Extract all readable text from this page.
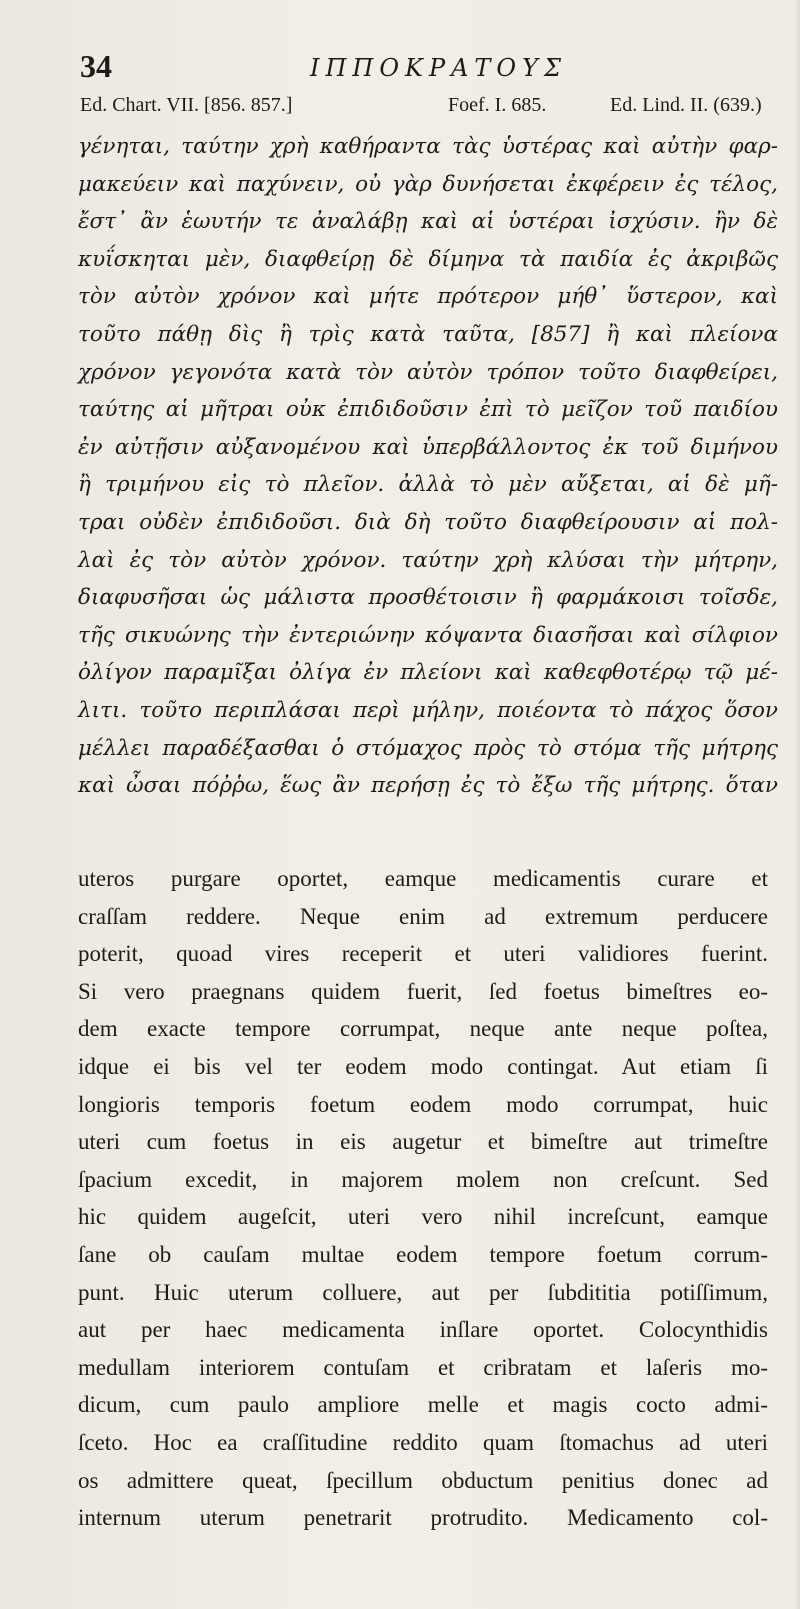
34	ΙΠΠΟΚΡΑΤΟΥΣ
Ed. Chart. VII. [856. 857.]	Foef. I. 685.	Ed. Lind. II. (639.)
γένηται, ταύτην χρὴ καθήραντα τὰς ὑστέρας καὶ αὐτὴν φαρ-
μακεύειν καὶ παχύνειν, οὐ γὰρ δυνήσεται ἐκφέρειν ἐς τέλος,
ἔστ᾽ ἂν ἑωυτήν τε ἀναλάβῃ καὶ αἱ ὑστέραι ἰσχύσιν. ἢν δὲ
κυΐσκηται μὲν, διαφθείρῃ δὲ δίμηνα τὰ παιδία ἐς ἀκριβῶς
τὸν αὐτὸν χρόνον καὶ μήτε πρότερον μήθ᾽ ὕστερον, καὶ
τοῦτο πάθῃ δὶς ἢ τρὶς κατὰ ταῦτα, [857] ἢ καὶ πλείονα
χρόνον γεγονότα κατὰ τὸν αὐτὸν τρόπον τοῦτο διαφθείρει,
ταύτης αἱ μῆτραι οὐκ ἐπιδιδοῦσιν ἐπὶ τὸ μεῖζον τοῦ παιδίου
ἐν αὐτῇσιν αὐξανομένου καὶ ὑπερβάλλοντος ἐκ τοῦ διμήνου
ἢ τριμήνου εἰς τὸ πλεῖον. ἀλλὰ τὸ μὲν αὔξεται, αἱ δὲ μῆ-
τραι οὐδὲν ἐπιδιδοῦσι. διὰ δὴ τοῦτο διαφθείρουσιν αἱ πολ-
λαὶ ἐς τὸν αὐτὸν χρόνον. ταύτην χρὴ κλύσαι τὴν μήτρην,
διαφυσῆσαι ὡς μάλιστα προσθέτοισιν ἢ φαρμάκοισι τοῖσδε,
τῆς σικυώνης τὴν ἐντεριώνην κόψαντα διασῆσαι καὶ σίλφιον
ὀλίγον παραμῖξαι ὀλίγα ἐν πλείονι καὶ καθεφθοτέρῳ τῷ μέ-
λιτι. τοῦτο περιπλάσαι περὶ μήλην, ποιέοντα τὸ πάχος ὅσον
μέλλει παραδέξασθαι ὁ στόμαχος πρὸς τὸ στόμα τῆς μήτρης
καὶ ὦσαι πόῤῥω, ἕως ἂν περήσῃ ἐς τὸ ἔξω τῆς μήτρης. ὅταν
uteros purgare oportet, eamque medicamentis curare et
craſſam reddere. Neque enim ad extremum perducere
poterit, quoad vires receperit et uteri validiores fuerint.
Si vero praegnans quidem fuerit, ſed foetus bimeſtres eo-
dem exacte tempore corrumpat, neque ante neque poſtea,
idque ei bis vel ter eodem modo contingat. Aut etiam ſi
longioris temporis foetum eodem modo corrumpat, huic
uteri cum foetus in eis augetur et bimeſtre aut trimeſtre
ſpacium excedit, in majorem molem non creſcunt. Sed
hic quidem augeſcit, uteri vero nihil increſcunt, eamque
ſane ob cauſam multae eodem tempore foetum corrum-
punt. Huic uterum colluere, aut per ſubdititia potiſſimum,
aut per haec medicamenta inſlare oportet. Colocynthidis
medullam interiorem contuſam et cribratam et laſeris mo-
dicum, cum paulo ampliore melle et magis cocto admi-
ſceto. Hoc ea craſſitudine reddito quam ſtomachus ad uteri
os admittere queat, ſpecillum obductum penitius donec ad
internum uterum penetrarit protrudito. Medicamento col-
